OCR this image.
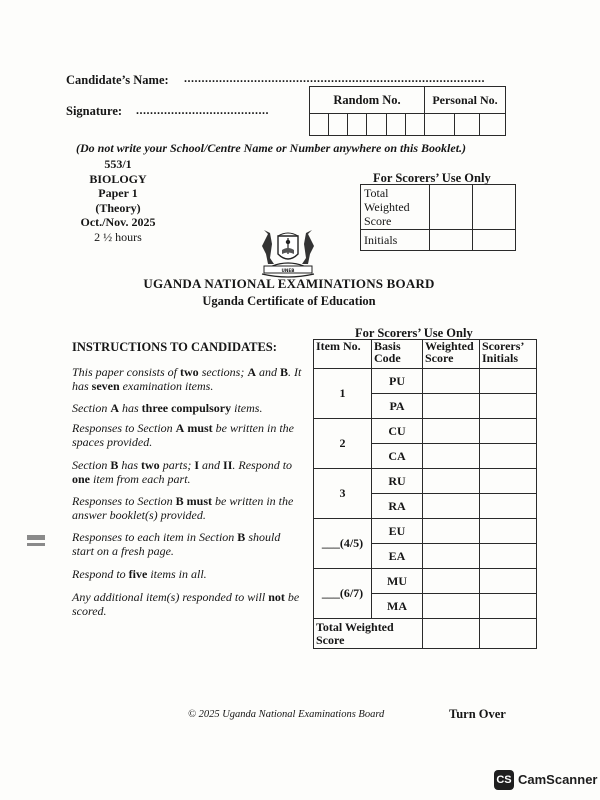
Candidate’s Name: ......................................................................................
Signature: ......................................
Random No.						Personal No.		

(Do not write your School/Centre Name or Number anywhere on this Booklet.)
553/1
BIOLOGY
Paper 1
(Theory)
Oct./Nov. 2025
2 ½ hours
For Scorers’ Use Only
Total
Weighted
Score		
Initials		
UNEB
UGANDA NATIONAL EXAMINATIONS BOARD
Uganda Certificate of Education
INSTRUCTIONS TO CANDIDATES:
This paper consists of two sections; A and B. It has seven examination items.
Section A has three compulsory items.
Responses to Section A must be written in the spaces provided.
Section B has two parts; I and II. Respond to one item from each part.
Responses to Section B must be written in the answer booklet(s) provided.
Responses to each item in Section B should start on a fresh page.
Respond to five items in all.
Any additional item(s) responded to will not be scored.
For Scorers’ Use Only
Item No.	Basis Code	Weighted Score	Scorers’ Initials
1	PU		
	PA		
2	CU		
	CA		
3	RU		
	RA		
___(4/5)	EU		
	EA		
___(6/7)	MU		
	MA		
Total Weighted Score			
© 2025 Uganda National Examinations Board	Turn Over
CS CamScanner
